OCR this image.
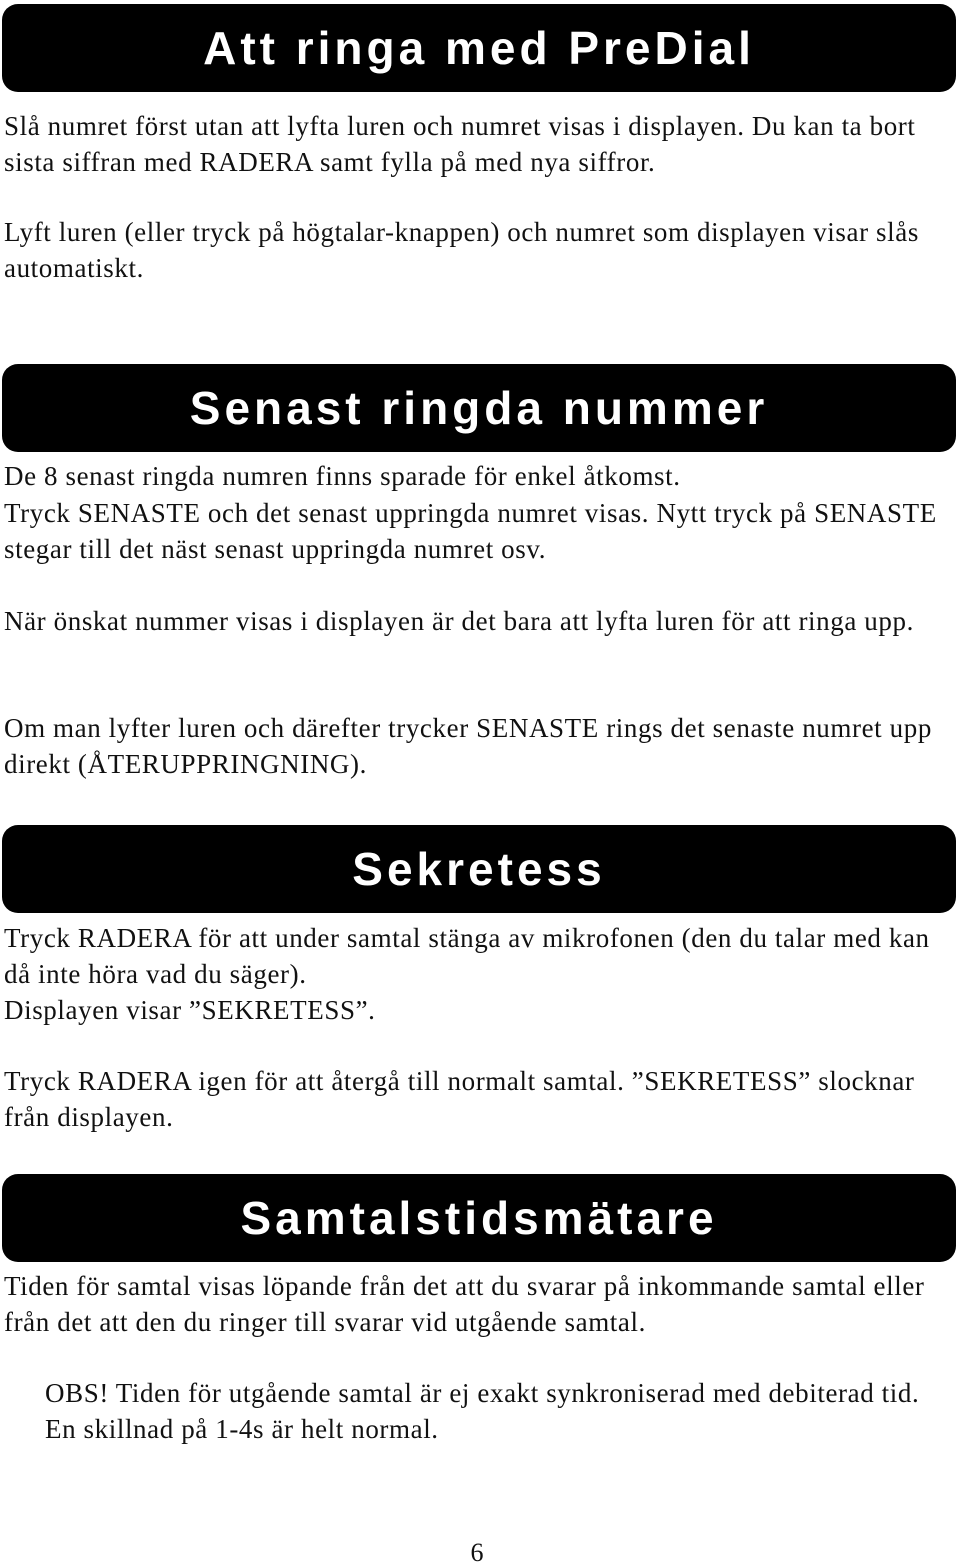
Att ringa med PreDial

Slå numret först utan att lyfta luren och numret visas i displayen. Du kan ta bort sista siffran med RADERA samt fylla på med nya siffror.

Lyft luren (eller tryck på högtalar-knappen) och numret som displayen visar slås automatiskt.

Senast ringda nummer

De 8 senast ringda numren finns sparade för enkel åtkomst.

Tryck SENASTE och det senast uppringda numret visas. Nytt tryck på SENASTE stegar till det näst senast uppringda numret osv.

När önskat nummer visas i displayen är det bara att lyfta luren för att ringa upp.

Om man lyfter luren och därefter trycker SENASTE rings det senaste numret upp direkt (ÅTERUPPRINGNING).

Sekretess

Tryck RADERA för att under samtal stänga av mikrofonen (den du talar med kan då inte höra vad du säger).

Displayen visar ”SEKRETESS”.

Tryck RADERA igen för att återgå till normalt samtal. ”SEKRETESS” slocknar från displayen.

Samtalstidsmätare

Tiden för samtal visas löpande från det att du svarar på inkommande samtal eller från det att den du ringer till svarar vid utgående samtal.

OBS! Tiden för utgående samtal är ej exakt synkroniserad med debiterad tid. En skillnad på 1-4s är helt normal.

6
